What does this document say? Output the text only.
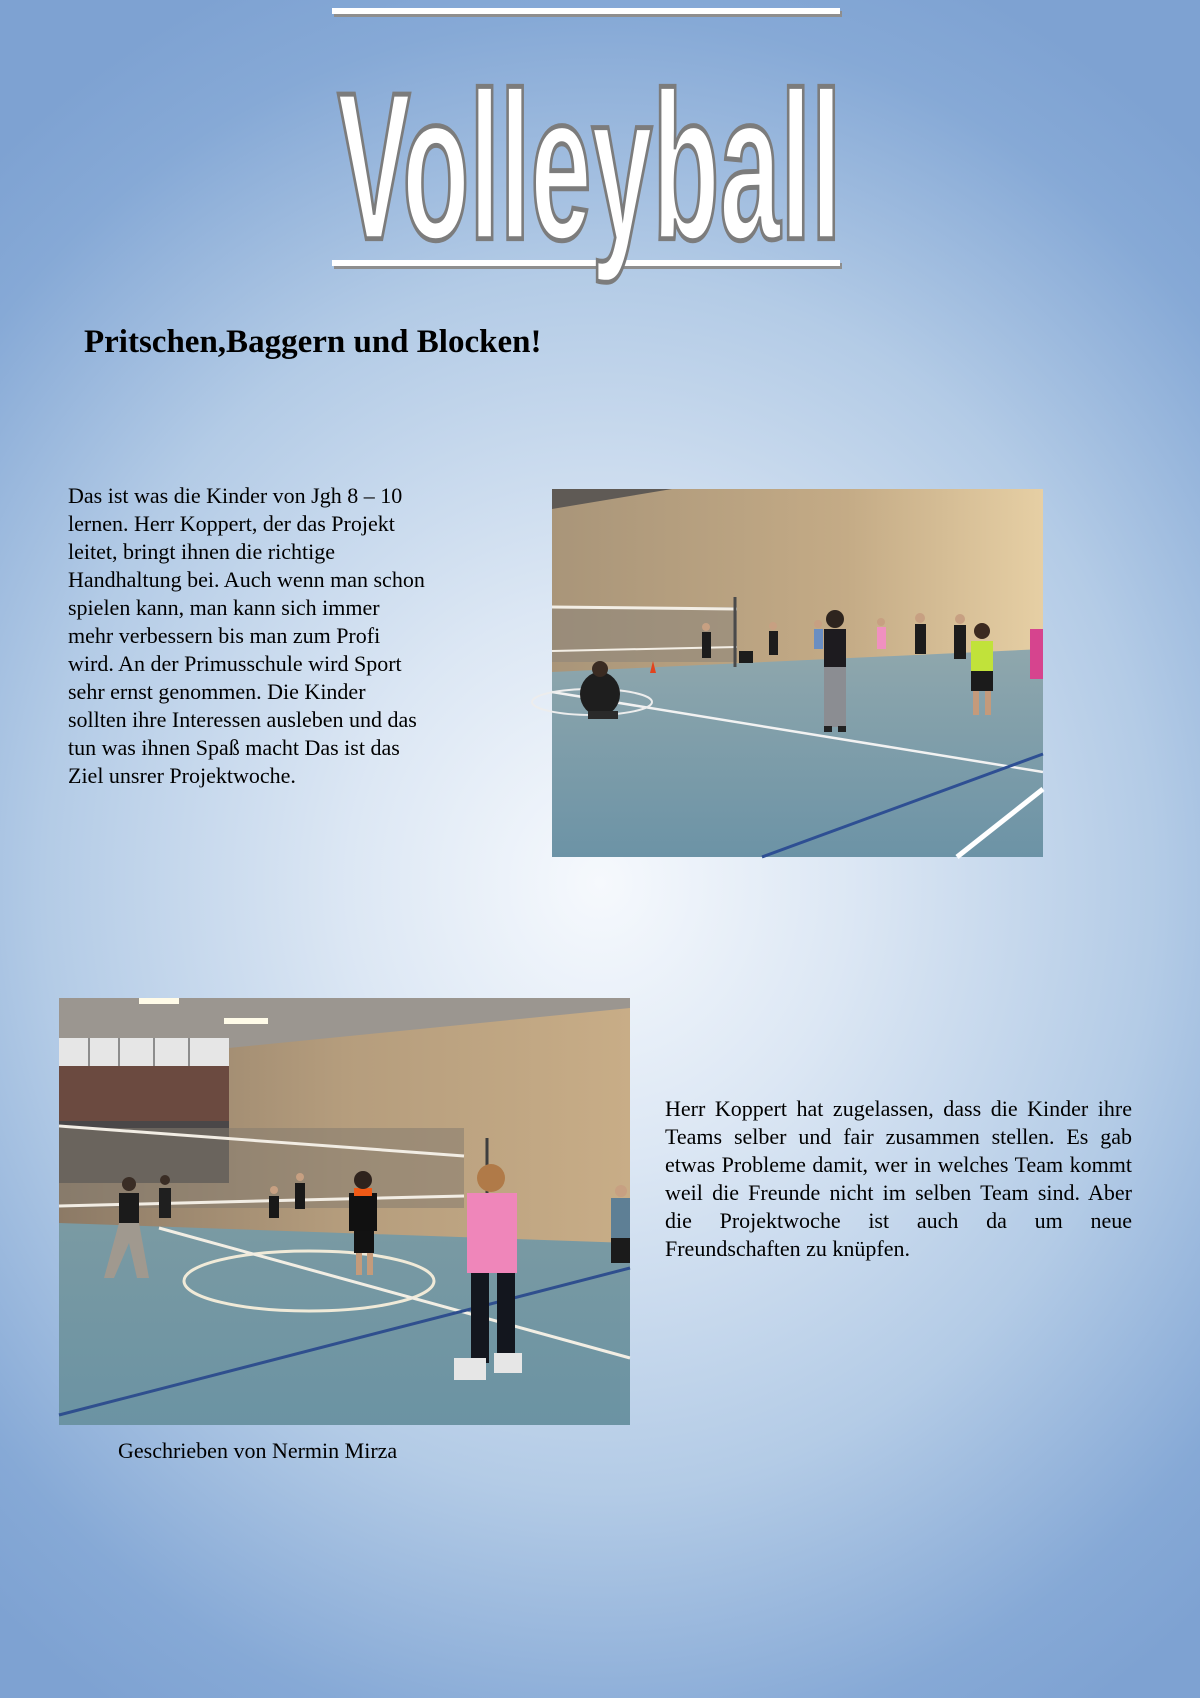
Volleyball
Pritschen,Baggern und Blocken!

Das ist was die Kinder von Jgh 8 – 10 lernen. Herr Koppert, der das Projekt leitet, bringt ihnen die richtige Handhaltung bei. Auch wenn man schon spielen kann, man kann sich immer mehr verbessern bis man zum Profi wird. An der Primusschule wird Sport sehr ernst genommen. Die Kinder sollten ihre Interessen ausleben und das tun was ihnen Spaß macht Das ist das Ziel unsrer Projektwoche.

Herr Koppert hat zugelassen, dass die Kinder ihre Teams selber und fair zusammen stellen. Es gab etwas Probleme damit, wer in welches Team kommt weil die Freunde nicht im selben Team sind. Aber die Projektwoche ist auch da um neue Freundschaften zu knüpfen.

Geschrieben von Nermin Mirza
